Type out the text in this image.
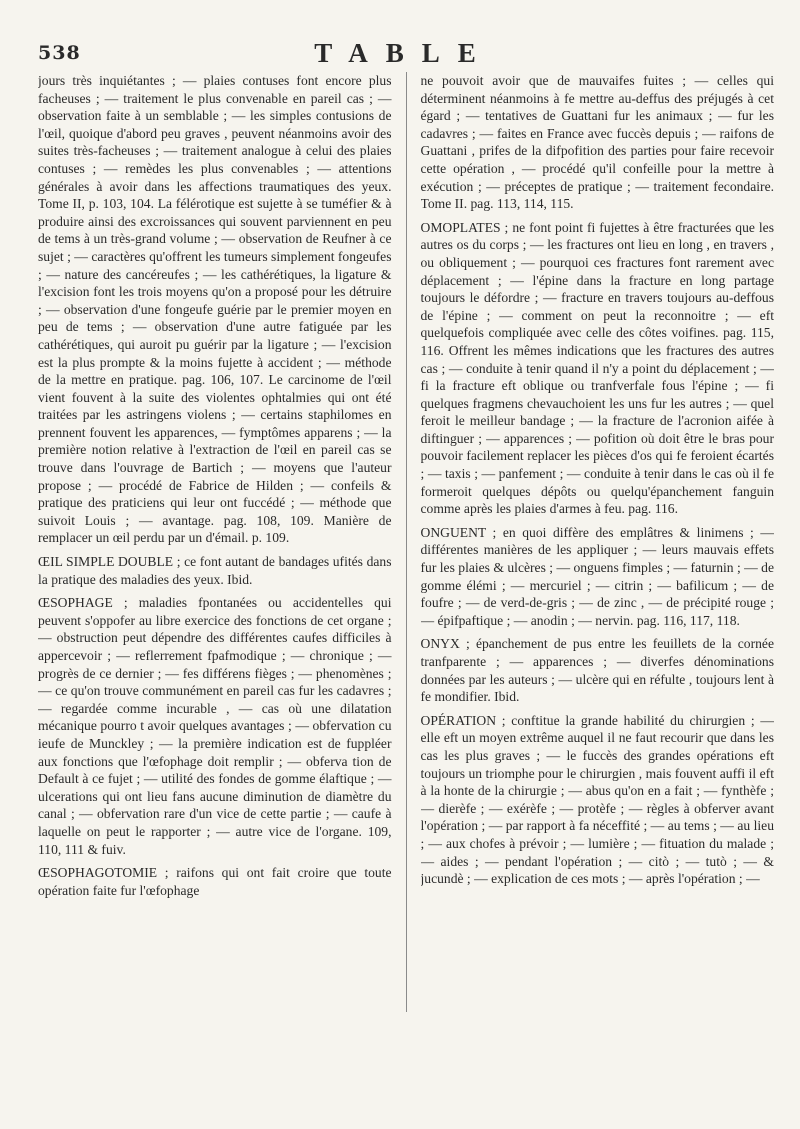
538	TABLE

jours très inquiétantes ; — plaies contuses font encore plus facheuses ; — traitement le plus convenable en pareil cas ; — observation faite à un semblable ; — les simples contusions de l'œil, quoique d'abord peu graves , peuvent néanmoins avoir des suites très-facheuses ; — traitement analogue à celui des plaies contuses ; — remèdes les plus convenables ; — attentions générales à avoir dans les affections traumatiques des yeux. Tome II, p. 103, 104. La félérotique est sujette à se tuméfier & à produire ainsi des excroissances qui souvent parviennent en peu de tems à un très-grand volume ; — observation de Reufner à ce sujet ; — caractères qu'offrent les tumeurs simplement fongeufes ; — nature des cancéreufes ; — les cathérétiques, la ligature & l'excision font les trois moyens qu'on a proposé pour les détruire ; — observation d'une fongeufe guérie par le premier moyen en peu de tems ; — observation d'une autre fatiguée par les cathérétiques, qui auroit pu guérir par la ligature ; — l'excision est la plus prompte & la moins fujette à accident ; — méthode de la mettre en pratique. pag. 106, 107. Le carcinome de l'œil vient fouvent à la suite des violentes ophtalmies qui ont été traitées par les astringens violens ; — certains staphilomes en prennent fouvent les apparences, — fymptômes apparens ; — la première notion relative à l'extraction de l'œil en pareil cas se trouve dans l'ouvrage de Bartich ; — moyens que l'auteur propose ; — procédé de Fabrice de Hilden ; — confeils & pratique des praticiens qui leur ont fuccédé ; — méthode que suivoit Louis ; — avantage. pag. 108, 109. Manière de remplacer un œil perdu par un d'émail. p. 109.

ŒIL SIMPLE DOUBLE ; ce font autant de bandages ufités dans la pratique des maladies des yeux. Ibid.

ŒSOPHAGE ; maladies fpontanées ou accidentelles qui peuvent s'oppofer au libre exercice des fonctions de cet organe ; — obstruction peut dépendre des différentes caufes difficiles à appercevoir ; — reflerrement fpafmodique ; — chronique ; — progrès de ce dernier ; — fes différens fièges ; — phenomènes ; — ce qu'on trouve communément en pareil cas fur les cadavres ; — regardée comme incurable , — cas où une dilatation mécanique pourro t avoir quelques avantages ; — obfervation cu ieufe de Munckley ; — la première indication est de fuppléer aux fonctions que l'œfophage doit remplir ; — obferva tion de Default à ce fujet ; — utilité des fondes de gomme élaftique ; — ulcerations qui ont lieu fans aucune diminution de diamètre du canal ; — obfervation rare d'un vice de cette partie ; — caufe à laquelle on peut le rapporter ; — autre vice de l'organe. 109, 110, 111 & fuiv.

ŒSOPHAGOTOMIE ; raifons qui ont fait croire que toute opération faite fur l'œfophage

ne pouvoit avoir que de mauvaifes fuites ; — celles qui déterminent néanmoins à fe mettre au-deffus des préjugés à cet égard ; — tentatives de Guattani fur les animaux ; — fur les cadavres ; — faites en France avec fuccès depuis ; — raifons de Guattani , prifes de la difpofition des parties pour faire recevoir cette opération , — procédé qu'il confeille pour la mettre à exécution ; — préceptes de pratique ; — traitement fecondaire. Tome II. pag. 113, 114, 115.

OMOPLATES ; ne font point fi fujettes à être fracturées que les autres os du corps ; — les fractures ont lieu en long , en travers , ou obliquement ; — pourquoi ces fractures font rarement avec déplacement ; — l'épine dans la fracture en long partage toujours le défordre ; — fracture en travers toujours au-deffous de l'épine ; — comment on peut la reconnoitre ; — eft quelquefois compliquée avec celle des côtes voifines. pag. 115, 116. Offrent les mêmes indications que les fractures des autres cas ; — conduite à tenir quand il n'y a point du déplacement ; — fi la fracture eft oblique ou tranfverfale fous l'épine ; — fi quelques fragmens chevauchoient les uns fur les autres ; — quel feroit le meilleur bandage ; — la fracture de l'acronion aifée à diftinguer ; — apparences ; — pofition où doit être le bras pour pouvoir facilement replacer les pièces d'os qui fe feroient écartés ; — taxis ; — panfement ; — conduite à tenir dans le cas où il fe formeroit quelques dépôts ou quelqu'épanchement fanguin comme après les plaies d'armes à feu. pag. 116.

ONGUENT ; en quoi diffère des emplâtres & linimens ; — différentes manières de les appliquer ; — leurs mauvais effets fur les plaies & ulcères ; — onguens fimples ; — faturnin ; — de gomme élémi ; — mercuriel ; — citrin ; — bafilicum ; — de foufre ; — de verd-de-gris ; — de zinc , — de précipité rouge ; — épifpaftique ; — anodin ; — nervin. pag. 116, 117, 118.

ONYX ; épanchement de pus entre les feuillets de la cornée tranfparente ; — apparences ; — diverfes dénominations données par les auteurs ; — ulcère qui en réfulte , toujours lent à fe mondifier. Ibid.

OPÉRATION ; conftitue la grande habilité du chirurgien ; — elle eft un moyen extrême auquel il ne faut recourir que dans les cas les plus graves ; — le fuccès des grandes opérations eft toujours un triomphe pour le chirurgien , mais fouvent auffi il eft à la honte de la chirurgie ; — abus qu'on en a fait ; — fynthèfe ; — dierèfe ; — exérèfe ; — protèfe ; — règles à obferver avant l'opération ; — par rapport à fa néceffité ; — au tems ; — au lieu ; — aux chofes à prévoir ; — lumière ; — fituation du malade ; — aides ; — pendant l'opération ; — citò ; — tutò ; — & jucundè ; — explication de ces mots ; — après l'opération ; —
